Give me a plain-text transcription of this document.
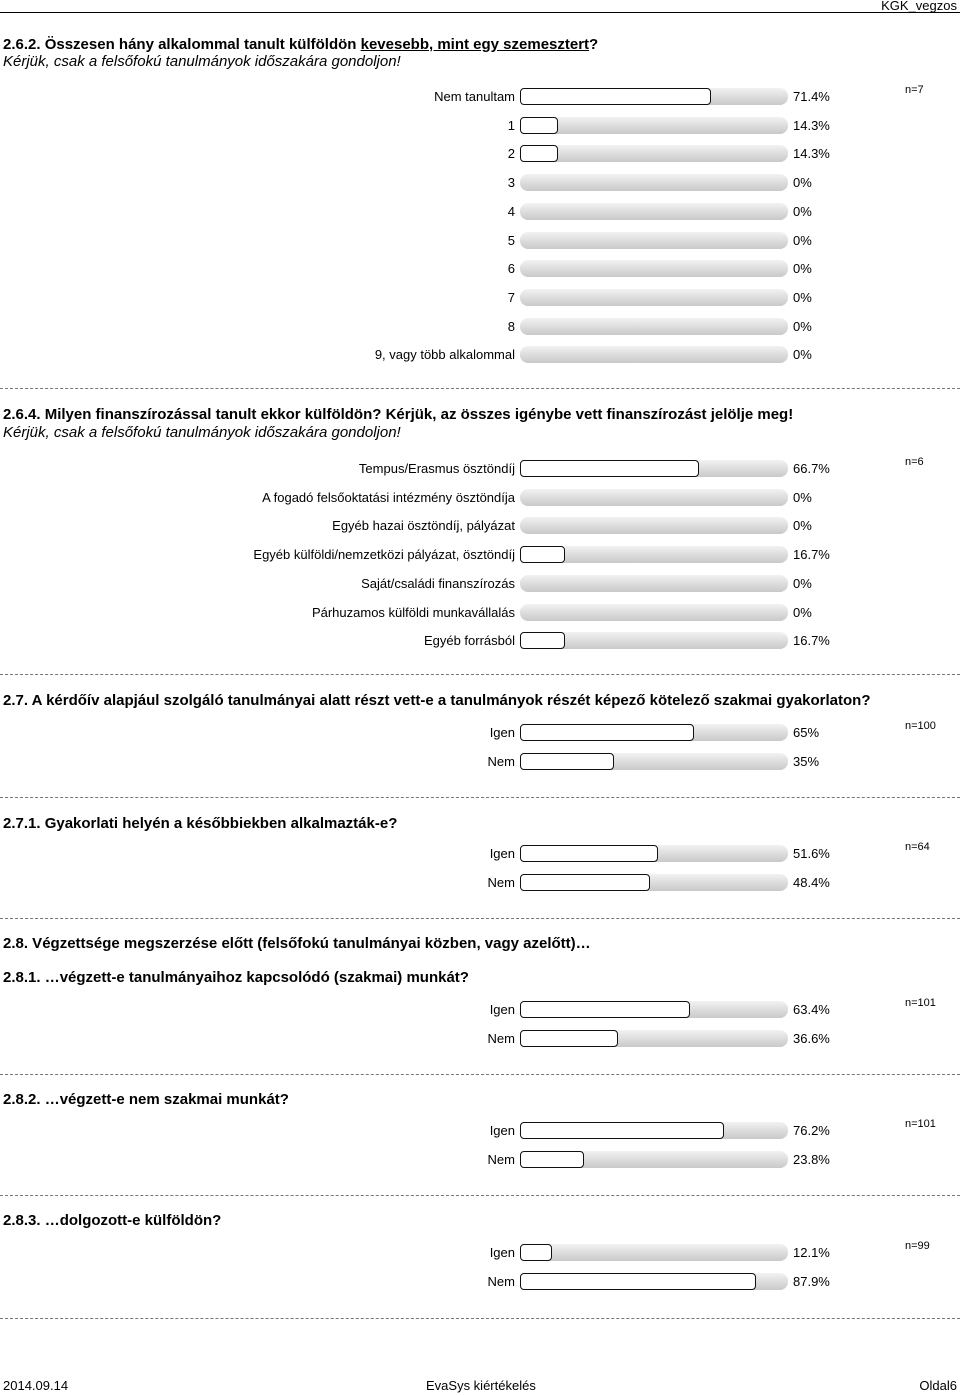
KGK_vegzos
2.6.2. Összesen hány alkalommal tanult külföldön kevesebb, mint egy szemesztert?
Kérjük, csak a felsőfokú tanulmányok időszakára gondoljon!
n=7
Nem tanultam	71.4%
1	14.3%
2	14.3%
3	0%
4	0%
5	0%
6	0%
7	0%
8	0%
9, vagy több alkalommal	0%
2.6.4. Milyen finanszírozással tanult ekkor külföldön? Kérjük, az összes igénybe vett finanszírozást jelölje meg!
Kérjük, csak a felsőfokú tanulmányok időszakára gondoljon!
n=6
Tempus/Erasmus ösztöndíj	66.7%
A fogadó felsőoktatási intézmény ösztöndíja	0%
Egyéb hazai ösztöndíj, pályázat	0%
Egyéb külföldi/nemzetközi pályázat, ösztöndíj	16.7%
Saját/családi finanszírozás	0%
Párhuzamos külföldi munkavállalás	0%
Egyéb forrásból	16.7%
2.7. A kérdőív alapjául szolgáló tanulmányai alatt részt vett-e a tanulmányok részét képező kötelező szakmai gyakorlaton?
n=100
Igen	65%
Nem	35%
2.7.1. Gyakorlati helyén a későbbiekben alkalmazták-e?
n=64
Igen	51.6%
Nem	48.4%
2.8. Végzettsége megszerzése előtt (felsőfokú tanulmányai közben, vagy azelőtt)…
2.8.1. …végzett-e tanulmányaihoz kapcsolódó (szakmai) munkát?
n=101
Igen	63.4%
Nem	36.6%
2.8.2. …végzett-e nem szakmai munkát?
n=101
Igen	76.2%
Nem	23.8%
2.8.3. …dolgozott-e külföldön?
n=99
Igen	12.1%
Nem	87.9%
2014.09.14	EvaSys kiértékelés	Oldal6
